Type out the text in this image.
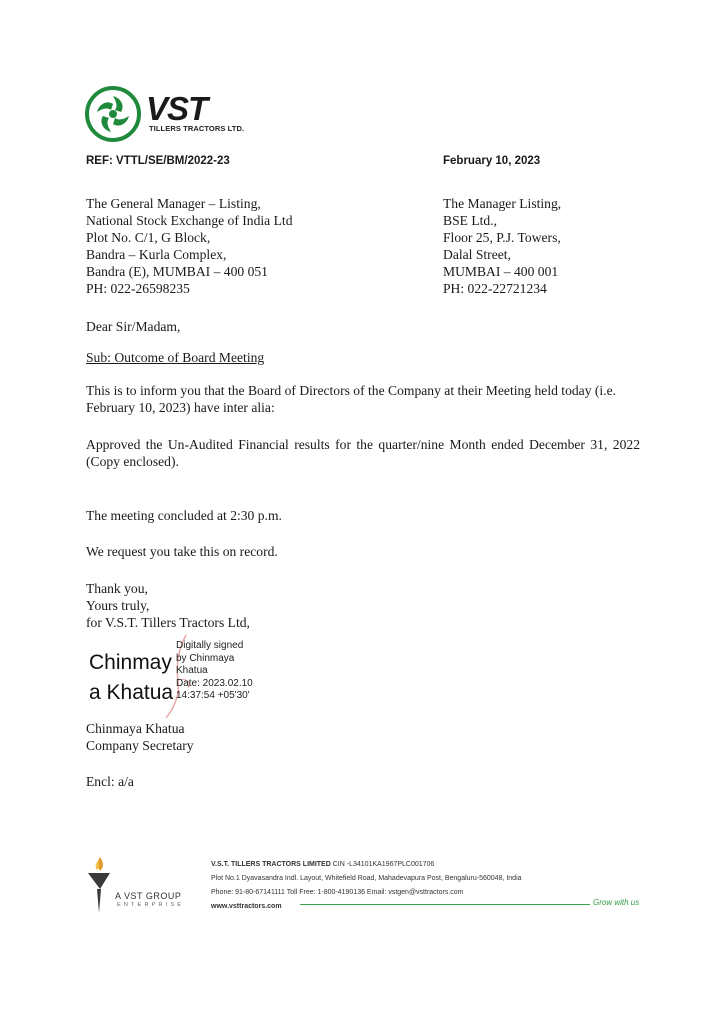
VST
TILLERS TRACTORS LTD.
REF: VTTL/SE/BM/2022-23	February 10, 2023
The General Manager – Listing,
National Stock Exchange of India Ltd
Plot No. C/1, G Block,
Bandra – Kurla Complex,
Bandra (E), MUMBAI – 400 051
PH: 022-26598235
The Manager Listing,
BSE Ltd.,
Floor 25, P.J. Towers,
Dalal Street,
MUMBAI – 400 001
PH: 022-22721234
Dear Sir/Madam,
Sub: Outcome of Board Meeting
This is to inform you that the Board of Directors of the Company at their Meeting held today (i.e. February 10, 2023) have inter alia:
Approved the Un-Audited Financial results for the quarter/nine Month ended December 31, 2022 (Copy enclosed).
The meeting concluded at 2:30 p.m.
We request you take this on record.
Thank you,
Yours truly,
for V.S.T. Tillers Tractors Ltd,
Chinmay
a Khatua
Digitally signed
by Chinmaya
Khatua
Date: 2023.02.10
14:37:54 +05'30'
Chinmaya Khatua
Company Secretary
Encl: a/a
A VST GROUP
ENTERPRISE
V.S.T. TILLERS TRACTORS LIMITED CIN -L34101KA1967PLC001706
Plot No.1 Dyavasandra Indl. Layout, Whitefield Road, Mahadevapura Post, Bengaluru-560048, India
Phone: 91-80-67141111 Toll Free: 1-800-4190136 Email: vstgen@vsttractors.com
www.vsttractors.com	Grow with us
